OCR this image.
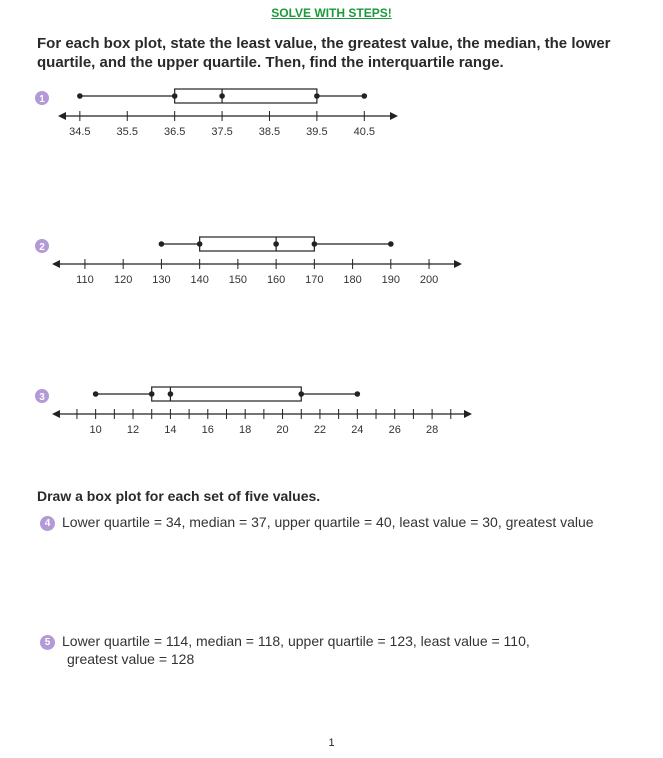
SOLVE WITH STEPS!
For each box plot, state the least value, the greatest value, the median, the lower quartile, and the upper quartile. Then, find the interquartile range.
1
34.5 35.5 36.5 37.5 38.5 39.5 40.5
2
110 120 130 140 150 160 170 180 190 200
3
10 12 14 16 18 20 22 24 26 28
Draw a box plot for each set of five values.
4 Lower quartile = 34, median = 37, upper quartile = 40, least value = 30, greatest value
5 Lower quartile = 114, median = 118, upper quartile = 123, least value = 110,
greatest value = 128
1
